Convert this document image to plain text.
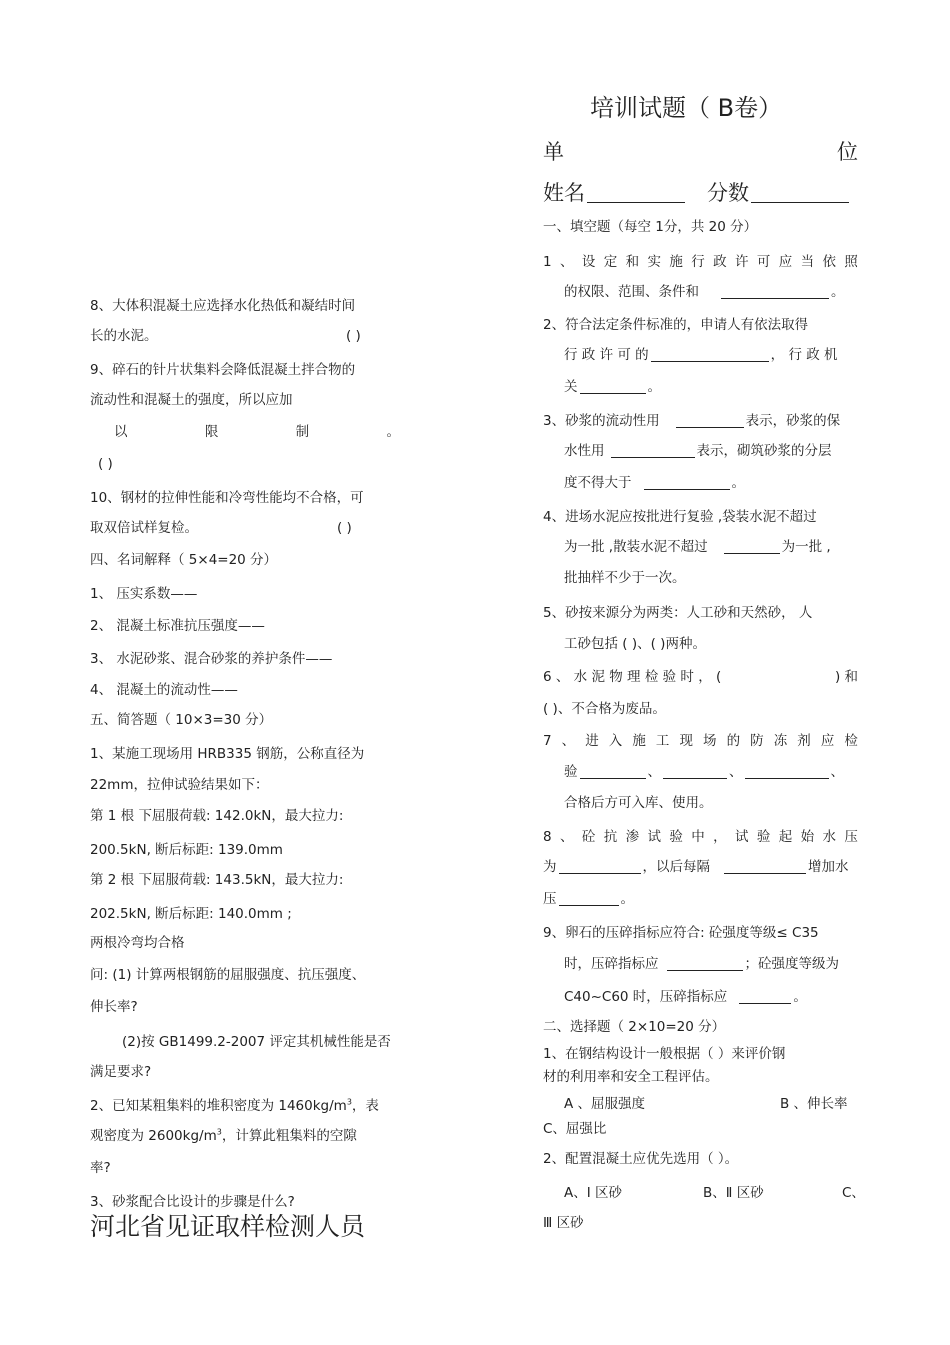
培训试题（ B卷）
单	位
姓名	分数
8、大体积混凝土应选择水化热低和凝结时间
长的水泥。	( )
9、碎石的针片状集料会降低混凝土拌合物的
流动性和混凝土的强度，所以应加
以	限	制	。
( )
10、钢材的拉伸性能和冷弯性能均不合格，可
取双倍试样复检。	( )
四、名词解释（ 5×4=20 分）
1、 压实系数——
2、 混凝土标准抗压强度——
3、 水泥砂浆、混合砂浆的养护条件——
4、 混凝土的流动性——
五、简答题（ 10×3=30 分）
1、某施工现场用 HRB335 钢筋，公称直径为
22mm，拉伸试验结果如下：
第 1 根 下屈服荷载: 142.0kN，最大拉力:
200.5kN, 断后标距: 139.0mm
第 2 根 下屈服荷载: 143.5kN，最大拉力:
202.5kN, 断后标距: 140.0mm ;
两根冷弯均合格
问: (1) 计算两根钢筋的屈服强度、抗压强度、
伸长率?
(2)按 GB1499.2-2007 评定其机械性能是否
满足要求?
2、已知某粗集料的堆积密度为 $1460kg/m^3$，表
观密度为 $2600kg/m^3$，计算此粗集料的空隙
率?
3、砂浆配合比设计的步骤是什么?
河北省见证取样检测人员
一、填空题（每空 1分，共 20 分）
1 、 设 定 和 实 施 行 政 许 可 应 当 依 照
的权限、范围、条件和	。
2、符合法定条件标准的，申请人有依法取得
行 政 许 可 的	， 行 政 机
关	。
3、砂浆的流动性用	表示，砂浆的保
水性用	表示，砌筑砂浆的分层
度不得大于	。
4、进场水泥应按批进行复验 ,袋装水泥不超过
为一批 ,散装水泥不超过	为一批 ,
批抽样不少于一次。
5、砂按来源分为两类：人工砂和天然砂， 人
工砂包括 ( )、( )两种。
6 、 水 泥 物 理 检 验 时 ， (	) 和
( )、不合格为废品。
7 、 进 入 施 工 现 场 的 防 冻 剂 应 检
验	、	、	、
合格后方可入库、使用。
8 、 砼 抗 渗 试 验 中 ， 试 验 起 始 水 压
为	，以后每隔	增加水
压	。
9、卵石的压碎指标应符合: 砼强度等级≤ C35
时，压碎指标应	；砼强度等级为
C40~C60 时，压碎指标应	。
二、选择题（ 2×10=20 分）
1、在钢结构设计一般根据（ ）来评价钢
材的利用率和安全工程评估。
A 、屈服强度	B 、伸长率
C、屈强比
2、配置混凝土应优先选用（ ）。
A、Ⅰ 区砂	B、Ⅱ 区砂	C、
Ⅲ 区砂
